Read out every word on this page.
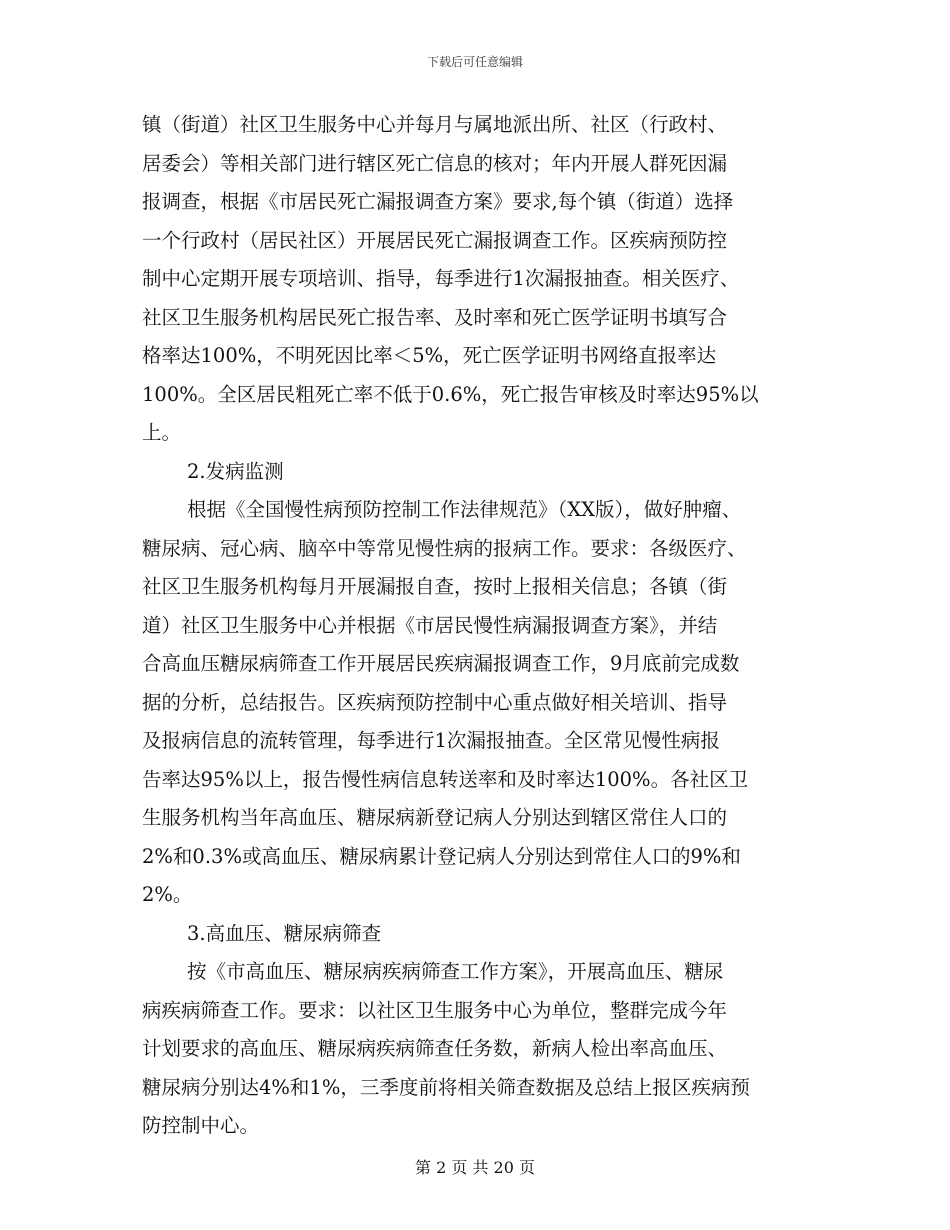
下载后可任意编辑
镇（街道）社区卫生服务中心并每月与属地派出所、社区（行政村、
居委会）等相关部门进行辖区死亡信息的核对；年内开展人群死因漏
报调查，根据《市居民死亡漏报调查方案》要求,每个镇（街道）选择
一个行政村（居民社区）开展居民死亡漏报调查工作。区疾病预防控
制中心定期开展专项培训、指导，每季进行1次漏报抽查。相关医疗、
社区卫生服务机构居民死亡报告率、及时率和死亡医学证明书填写合
格率达100%，不明死因比率＜5%，死亡医学证明书网络直报率达
100%。全区居民粗死亡率不低于0.6%，死亡报告审核及时率达95%以
上。
2.发病监测
根据《全国慢性病预防控制工作法律规范》（XX版），做好肿瘤、
糖尿病、冠心病、脑卒中等常见慢性病的报病工作。要求：各级医疗、
社区卫生服务机构每月开展漏报自查，按时上报相关信息；各镇（街
道）社区卫生服务中心并根据《市居民慢性病漏报调查方案》，并结
合高血压糖尿病筛查工作开展居民疾病漏报调查工作，9月底前完成数
据的分析，总结报告。区疾病预防控制中心重点做好相关培训、指导
及报病信息的流转管理，每季进行1次漏报抽查。全区常见慢性病报
告率达95%以上，报告慢性病信息转送率和及时率达100%。各社区卫
生服务机构当年高血压、糖尿病新登记病人分别达到辖区常住人口的
2%和0.3%或高血压、糖尿病累计登记病人分别达到常住人口的9%和
2%。
3.高血压、糖尿病筛查
按《市高血压、糖尿病疾病筛查工作方案》，开展高血压、糖尿
病疾病筛查工作。要求：以社区卫生服务中心为单位，整群完成今年
计划要求的高血压、糖尿病疾病筛查任务数，新病人检出率高血压、
糖尿病分别达4%和1%，三季度前将相关筛查数据及总结上报区疾病预
防控制中心。
第 2 页 共 20 页
